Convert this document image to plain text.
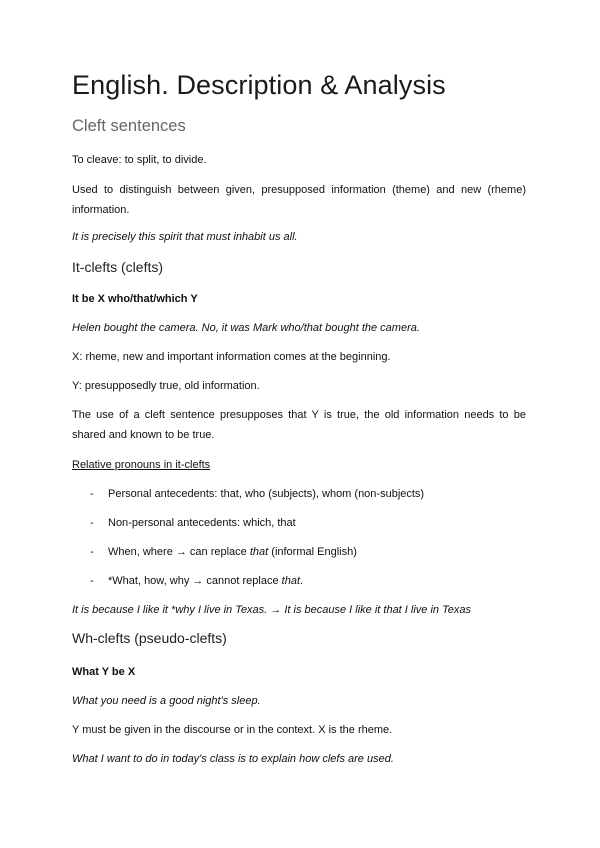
English. Description & Analysis
Cleft sentences
To cleave: to split, to divide.
Used to distinguish between given, presupposed information (theme) and new (rheme)
information.
It is precisely this spirit that must inhabit us all.
It-clefts (clefts)
It be X who/that/which Y
Helen bought the camera. No, it was Mark who/that bought the camera.
X: rheme, new and important information comes at the beginning.
Y: presupposedly true, old information.
The use of a cleft sentence presupposes that Y is true, the old information needs to be
shared and known to be true.
Relative pronouns in it-clefts
- Personal antecedents: that, who (subjects), whom (non-subjects)
- Non-personal antecedents: which, that
- When, where → can replace that (informal English)
- *What, how, why → cannot replace that.
It is because I like it *why I live in Texas. → It is because I like it that I live in Texas
Wh-clefts (pseudo-clefts)
What Y be X
What you need is a good night's sleep.
Y must be given in the discourse or in the context. X is the rheme.
What I want to do in today's class is to explain how clefs are used.
